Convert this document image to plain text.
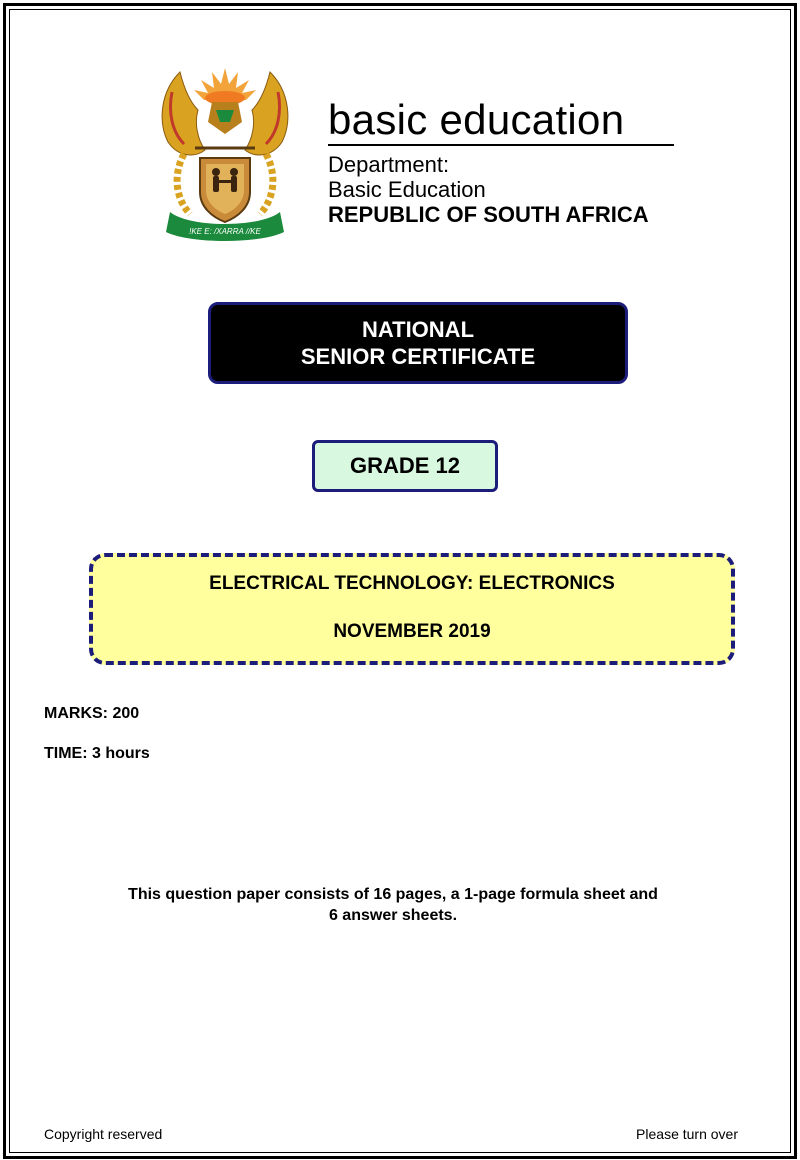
!KE E: /XARRA //KE
basic education
Department:
Basic Education
REPUBLIC OF SOUTH AFRICA
NATIONAL
SENIOR CERTIFICATE
GRADE 12
ELECTRICAL TECHNOLOGY: ELECTRONICS
NOVEMBER 2019
MARKS: 200
TIME: 3 hours
This question paper consists of 16 pages, a 1-page formula sheet and
6 answer sheets.
Copyright reserved	Please turn over
